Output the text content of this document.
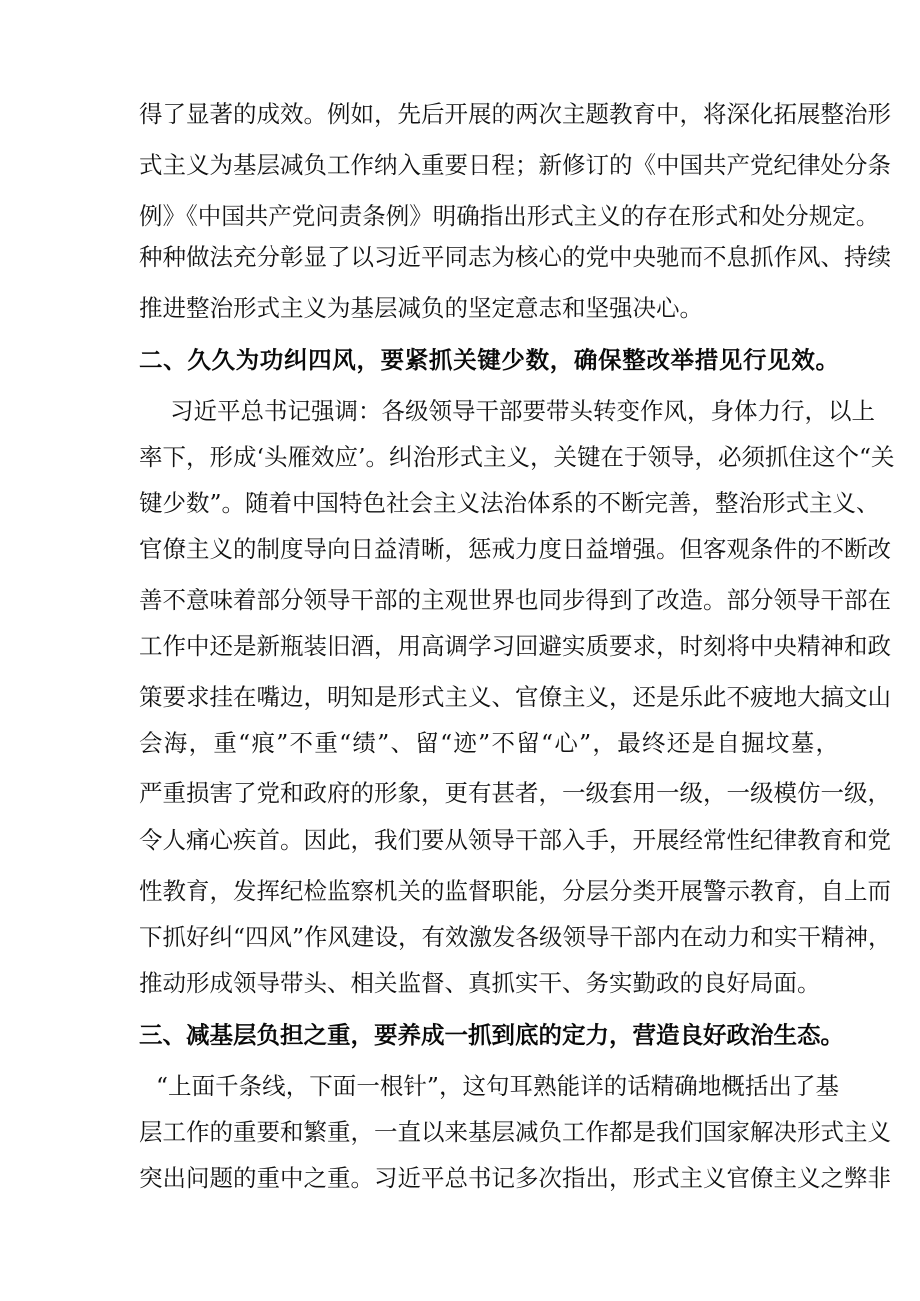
得了显著的成效。例如，先后开展的两次主题教育中，将深化拓展整治形
式主义为基层减负工作纳入重要日程；新修订的《中国共产党纪律处分条
例》《中国共产党问责条例》明确指出形式主义的存在形式和处分规定。
种种做法充分彰显了以习近平同志为核心的党中央驰而不息抓作风、持续
推进整治形式主义为基层减负的坚定意志和坚强决心。
二、久久为功纠四风，要紧抓关键少数，确保整改举措见行见效。
习近平总书记强调：各级领导干部要带头转变作风，身体力行，以上
率下，形成‘头雁效应’。纠治形式主义，关键在于领导，必须抓住这个“关
键少数”。随着中国特色社会主义法治体系的不断完善，整治形式主义、
官僚主义的制度导向日益清晰，惩戒力度日益增强。但客观条件的不断改
善不意味着部分领导干部的主观世界也同步得到了改造。部分领导干部在
工作中还是新瓶装旧酒，用高调学习回避实质要求，时刻将中央精神和政
策要求挂在嘴边，明知是形式主义、官僚主义，还是乐此不疲地大搞文山
会海，重“痕”不重“绩”、留“迹”不留“心”，最终还是自掘坟墓，
严重损害了党和政府的形象，更有甚者，一级套用一级，一级模仿一级，
令人痛心疾首。因此，我们要从领导干部入手，开展经常性纪律教育和党
性教育，发挥纪检监察机关的监督职能，分层分类开展警示教育，自上而
下抓好纠“四风”作风建设，有效激发各级领导干部内在动力和实干精神，
推动形成领导带头、相关监督、真抓实干、务实勤政的良好局面。
三、减基层负担之重，要养成一抓到底的定力，营造良好政治生态。
“上面千条线，下面一根针”，这句耳熟能详的话精确地概括出了基
层工作的重要和繁重，一直以来基层减负工作都是我们国家解决形式主义
突出问题的重中之重。习近平总书记多次指出，形式主义官僚主义之弊非
